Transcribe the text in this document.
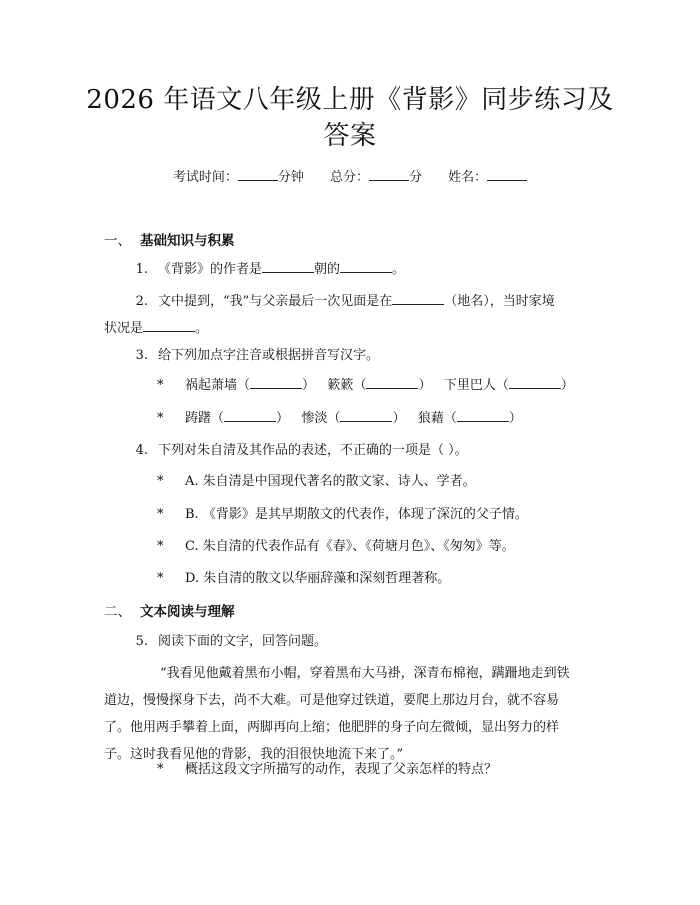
2026 年语文八年级上册《背影》同步练习及
答案
考试时间：	分钟 总分：	分 姓名：
一、 基础知识与积累
1. 《背影》的作者是	朝的	。
2. 文中提到，“我”与父亲最后一次见面是在	（地名），当时家境
状况是	。
3. 给下列加点字注音或根据拼音写汉字。
* 祸起萧墙（	） 簌簌（	） 下里巴人（	）
* 踌躇（	） 惨淡（	） 狼藉（	）
4. 下列对朱自清及其作品的表述，不正确的一项是（ ）。
* A. 朱自清是中国现代著名的散文家、诗人、学者。
* B. 《背影》是其早期散文的代表作，体现了深沉的父子情。
* C. 朱自清的代表作品有《春》、《荷塘月色》、《匆匆》等。
* D. 朱自清的散文以华丽辞藻和深刻哲理著称。
二、 文本阅读与理解
5. 阅读下面的文字，回答问题。
“我看见他戴着黑布小帽，穿着黑布大马褂，深青布棉袍，蹒跚地走到铁
道边，慢慢探身下去，尚不大难。可是他穿过铁道，要爬上那边月台，就不容易
了。他用两手攀着上面，两脚再向上缩；他肥胖的身子向左微倾，显出努力的样
子。这时我看见他的背影，我的泪很快地流下来了。”
* 概括这段文字所描写的动作，表现了父亲怎样的特点？
